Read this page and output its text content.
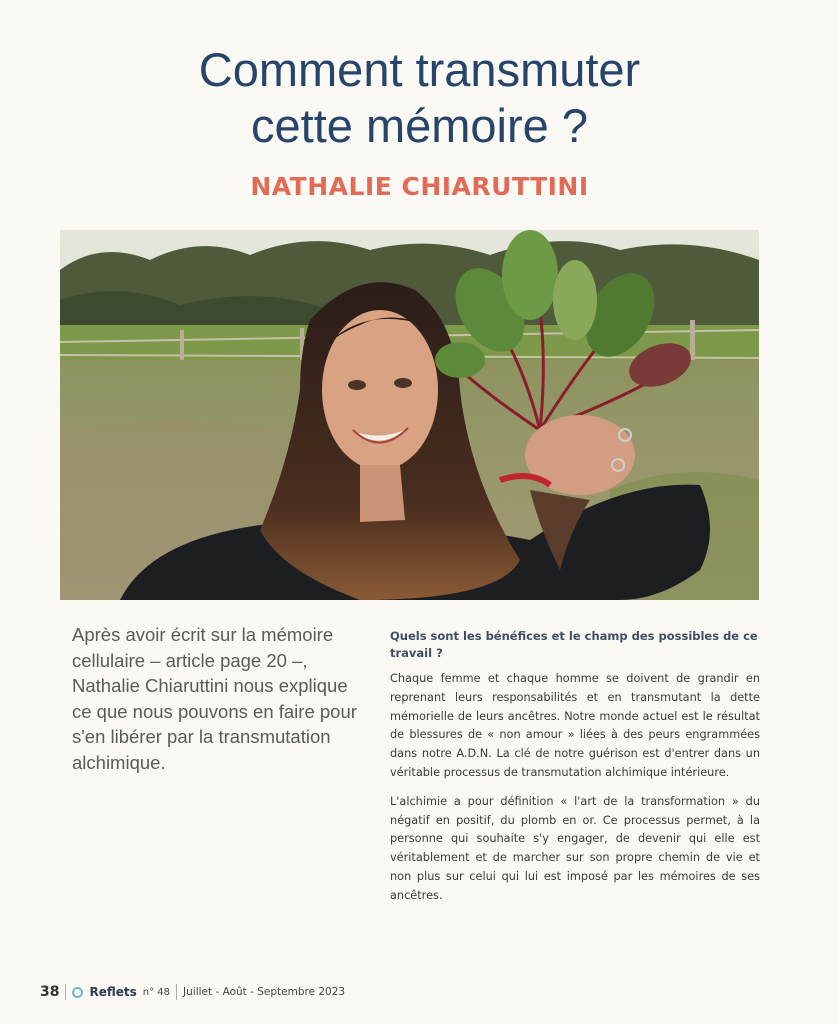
Comment transmuter
cette mémoire ?
NATHALIE CHIARUTTINI

Après avoir écrit sur la mémoire cellulaire – article page 20 –, Nathalie Chiaruttini nous explique ce que nous pouvons en faire pour s'en libérer par la transmutation alchimique.

Quels sont les bénéfices et le champ des possibles de ce travail ?

Chaque femme et chaque homme se doivent de grandir en reprenant leurs responsabilités et en transmutant la dette mémorielle de leurs ancêtres. Notre monde actuel est le résultat de blessures de « non amour » liées à des peurs engrammées dans notre A.D.N. La clé de notre guérison est d'entrer dans un véritable processus de transmutation alchimique intérieure.

L'alchimie a pour définition « l'art de la transformation » du négatif en positif, du plomb en or. Ce processus permet, à la personne qui souhaite s'y engager, de devenir qui elle est véritablement et de marcher sur son propre chemin de vie et non plus sur celui qui lui est imposé par les mémoires de ses ancêtres.

38	Reflets n° 48 Juillet - Août - Septembre 2023
